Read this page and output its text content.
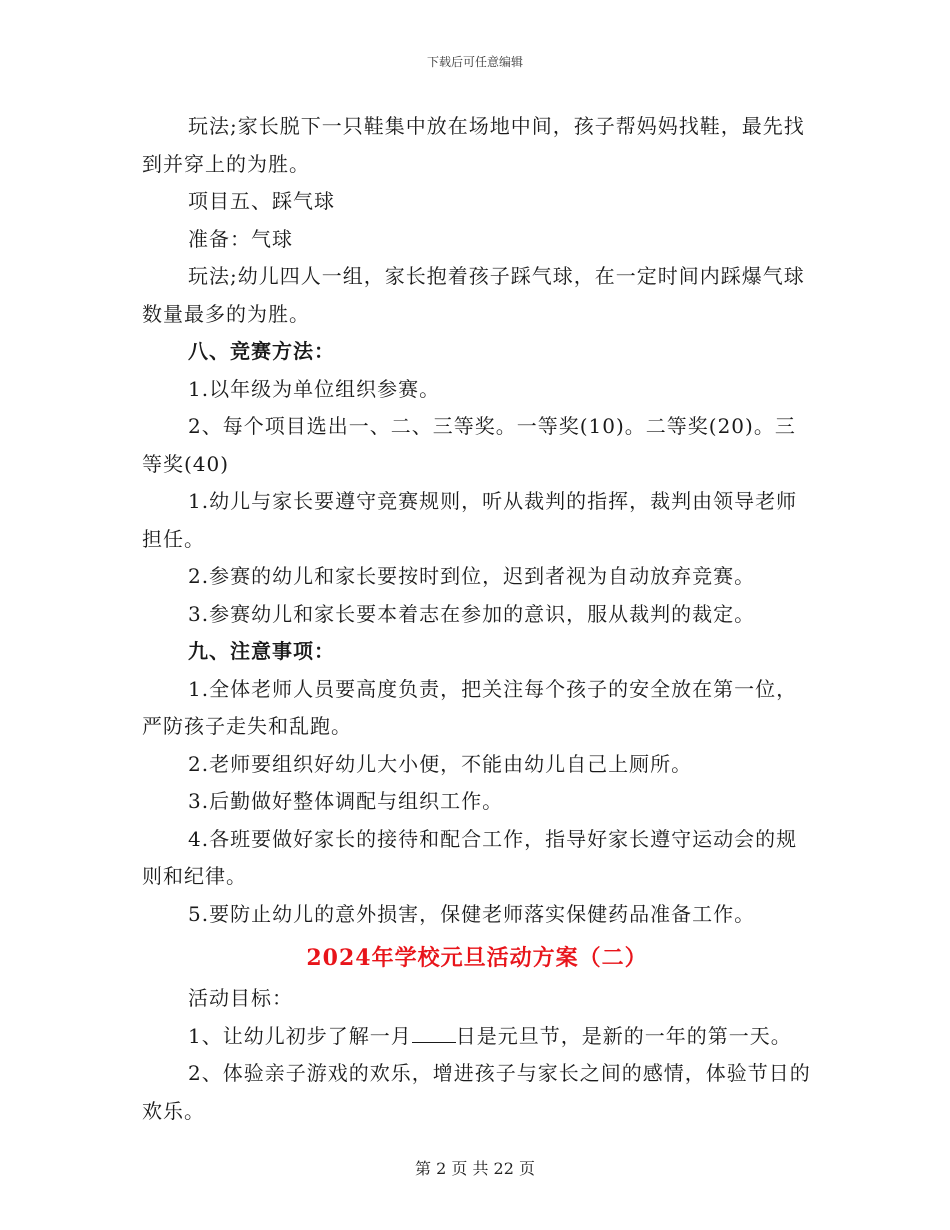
下载后可任意编辑

玩法;家长脱下一只鞋集中放在场地中间，孩子帮妈妈找鞋，最先找到并穿上的为胜。

项目五、踩气球

准备：气球

玩法;幼儿四人一组，家长抱着孩子踩气球，在一定时间内踩爆气球数量最多的为胜。

八、竞赛方法：

1.以年级为单位组织参赛。

2、每个项目选出一、二、三等奖。一等奖(10)。二等奖(20)。三等奖(40)

1.幼儿与家长要遵守竞赛规则，听从裁判的指挥，裁判由领导老师担任。

2.参赛的幼儿和家长要按时到位，迟到者视为自动放弃竞赛。

3.参赛幼儿和家长要本着志在参加的意识，服从裁判的裁定。

九、注意事项：

1.全体老师人员要高度负责，把关注每个孩子的安全放在第一位，严防孩子走失和乱跑。

2.老师要组织好幼儿大小便，不能由幼儿自己上厕所。

3.后勤做好整体调配与组织工作。

4.各班要做好家长的接待和配合工作，指导好家长遵守运动会的规则和纪律。

5.要防止幼儿的意外损害，保健老师落实保健药品准备工作。

2024年学校元旦活动方案（二）

活动目标：

1、让幼儿初步了解一月 日是元旦节，是新的一年的第一天。

2、体验亲子游戏的欢乐，增进孩子与家长之间的感情，体验节日的欢乐。

第 2 页 共 22 页
